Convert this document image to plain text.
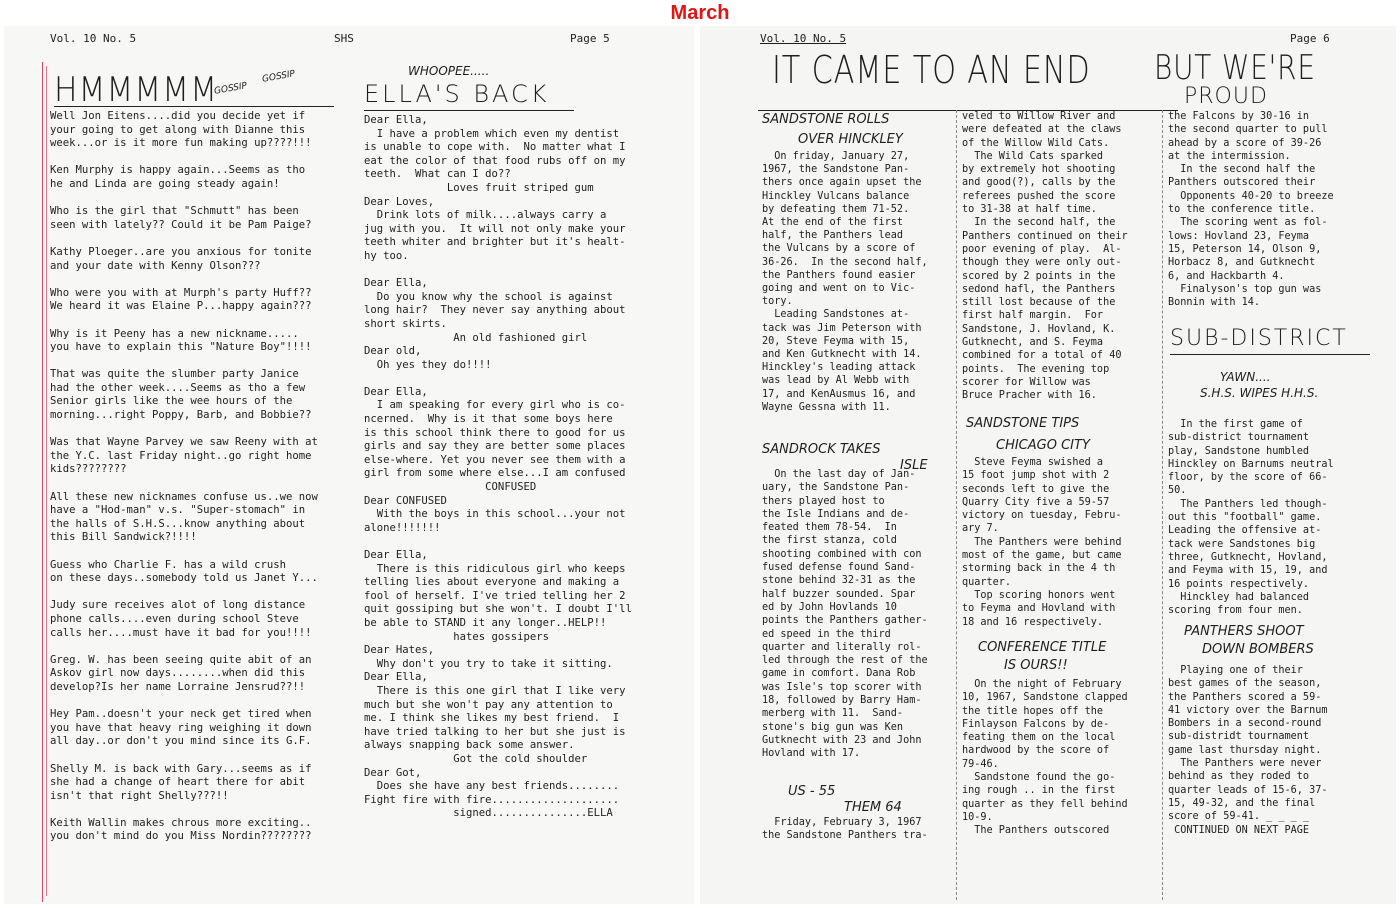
March
Vol. 10 No. 5	SHS	Page 5
HMMMMM
GOSSIP
GOSSIP
Well Jon Eitens....did you decide yet if
your going to get along with Dianne this
week...or is it more fun making up????!!!

Ken Murphy is happy again...Seems as tho
he and Linda are going steady again!

Who is the girl that "Schmutt" has been
seen with lately?? Could it be Pam Paige?

Kathy Ploeger..are you anxious for tonite
and your date with Kenny Olson???

Who were you with at Murph's party Huff??
We heard it was Elaine P...happy again???

Why is it Peeny has a new nickname.....
you have to explain this "Nature Boy"!!!!

That was quite the slumber party Janice
had the other week....Seems as tho a few
Senior girls like the wee hours of the
morning...right Poppy, Barb, and Bobbie??

Was that Wayne Parvey we saw Reeny with at
the Y.C. last Friday night..go right home
kids????????

All these new nicknames confuse us..we now
have a "Hod-man" v.s. "Super-stomach" in
the halls of S.H.S...know anything about
this Bill Sandwick?!!!!

Guess who Charlie F. has a wild crush
on these days..somebody told us Janet Y...

Judy sure receives alot of long distance
phone calls....even during school Steve
calls her....must have it bad for you!!!!

Greg. W. has been seeing quite abit of an
Askov girl now days........when did this
develop?Is her name Lorraine Jensrud??!!

Hey Pam..doesn't your neck get tired when
you have that heavy ring weighing it down
all day..or don't you mind since its G.F.

Shelly M. is back with Gary...seems as if
she had a change of heart there for abit
isn't that right Shelly???!!

Keith Wallin makes chrous more exciting..
you don't mind do you Miss Nordin????????
WHOOPEE.....
ELLA'S BACK
Dear Ella,
I have a problem which even my dentist
is unable to cope with.  No matter what I
eat the color of that food rubs off on my
teeth.  What can I do??
Loves fruit striped gum
Dear Loves,
Drink lots of milk....always carry a
jug with you.  It will not only make your
teeth whiter and brighter but it's healt-
hy too.

Dear Ella,
Do you know why the school is against
long hair?  They never say anything about
short skirts.
An old fashioned girl
Dear old,
Oh yes they do!!!!

Dear Ella,
I am speaking for every girl who is co-
ncerned.  Why is it that some boys here
is this school think there to good for us
girls and say they are better some places
else-where. Yet you never see them with a
girl from some where else...I am confused
CONFUSED
Dear CONFUSED
With the boys in this school...your not
alone!!!!!!!

Dear Ella,
There is this ridiculous girl who keeps
telling lies about everyone and making a
fool of herself. I've tried telling her 2
quit gossiping but she won't. I doubt I'll
be able to STAND it any longer..HELP!!
hates gossipers
Dear Hates,
Why don't you try to take it sitting.
Dear Ella,
There is this one girl that I like very
much but she won't pay any attention to
me. I think she likes my best friend.  I
have tried talking to her but she just is
always snapping back some answer.
Got the cold shoulder
Dear Got,
Does she have any best friends........
Fight fire with fire....................
signed...............ELLA
Vol. 10 No. 5	Page 6
IT CAME TO AN END BUT WE'RE
PROUD
SANDSTONE ROLLS
OVER HINCKLEY
On friday, January 27,
1967, the Sandstone Pan-
thers once again upset the
Hinckley Vulcans balance
by defeating them 71-52.
At the end of the first
half, the Panthers lead
the Vulcans by a score of
36-26.  In the second half,
the Panthers found easier
going and went on to Vic-
tory.
Leading Sandstones at-
tack was Jim Peterson with
20, Steve Feyma with 15,
and Ken Gutknecht with 14.
Hinckley's leading attack
was lead by Al Webb with
17, and KenAusmus 16, and
Wayne Gessna with 11.
SANDROCK TAKES
ISLE
On the last day of Jan-
uary, the Sandstone Pan-
thers played host to
the Isle Indians and de-
feated them 78-54.  In
the first stanza, cold
shooting combined with con
fused defense found Sand-
stone behind 32-31 as the
half buzzer sounded. Spar
ed by John Hovlands 10
points the Panthers gather-
ed speed in the third
quarter and literally rol-
led through the rest of the
game in comfort. Dana Rob
was Isle's top scorer with
18, followed by Barry Ham-
merberg with 11.  Sand-
stone's big gun was Ken
Gutknecht with 23 and John
Hovland with 17.
US - 55
THEM 64
Friday, February 3, 1967
the Sandstone Panthers tra-
veled to Willow River and
were defeated at the claws
of the Willow Wild Cats.
The Wild Cats sparked
by extremely hot shooting
and good(?), calls by the
referees pushed the score
to 31-38 at half time.
In the second half, the
Panthers continued on their
poor evening of play.  Al-
though they were only out-
scored by 2 points in the
sedond hafl, the Panthers
still lost because of the
first half margin.  For
Sandstone, J. Hovland, K.
Gutknecht, and S. Feyma
combined for a total of 40
points.  The evening top
scorer for Willow was
Bruce Pracher with 16.
SANDSTONE TIPS
CHICAGO CITY
Steve Feyma swished a
15 foot jump shot with 2
seconds left to give the
Quarry City five a 59-57
victory on tuesday, Febru-
ary 7.
The Panthers were behind
most of the game, but came
storming back in the 4 th
quarter.
Top scoring honors went
to Feyma and Hovland with
18 and 16 respectively.
CONFERENCE TITLE
IS OURS!!
On the night of February
10, 1967, Sandstone clapped
the title hopes off the
Finlayson Falcons by de-
feating them on the local
hardwood by the score of
79-46.
Sandstone found the go-
ing rough .. in the first
quarter as they fell behind
10-9.
The Panthers outscored
the Falcons by 30-16 in
the second quarter to pull
ahead by a score of 39-26
at the intermission.
In the second half the
Panthers outscored their
Opponents 40-20 to breeze
to the conference title.
The scoring went as fol-
lows: Hovland 23, Feyma
15, Peterson 14, Olson 9,
Horbacz 8, and Gutknecht
6, and Hackbarth 4.
Finalyson's top gun was
Bonnin with 14.
SUB-DISTRICT
YAWN....
S.H.S. WIPES H.H.S.
In the first game of
sub-district tournament
play, Sandstone humbled
Hinckley on Barnums neutral
floor, by the score of 66-
50.
The Panthers led though-
out this "football" game.
Leading the offensive at-
tack were Sandstones big
three, Gutknecht, Hovland,
and Feyma with 15, 19, and
16 points respectively.
Hinckley had balanced
scoring from four men.
PANTHERS SHOOT
DOWN BOMBERS
Playing one of their
best games of the season,
the Panthers scored a 59-
41 victory over the Barnum
Bombers in a second-round
sub-distridt tournament
game last thursday night.
The Panthers were never
behind as they roded to
quarter leads of 15-6, 37-
15, 49-32, and the final
score of 59-41. _ _ _ _
CONTINUED ON NEXT PAGE
